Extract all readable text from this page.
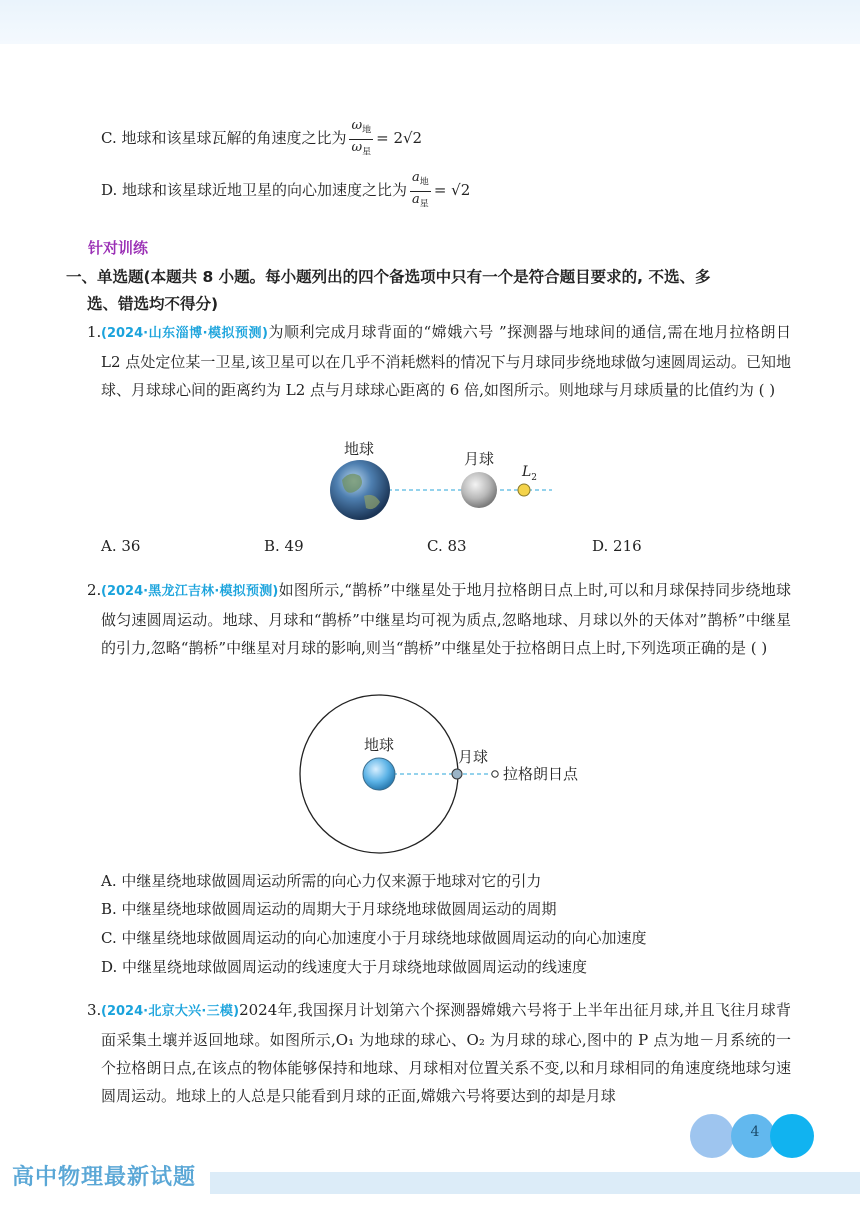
C. 地球和该星球瓦解的角速度之比为 $\frac{\omega_地}{\omega_星} = 2√2$
D. 地球和该星球近地卫星的向心加速度之比为 $\frac{a_地}{a_星} = √2$
针对训练
一、单选题(本题共 8 小题。每小题列出的四个备选项中只有一个是符合题目要求的, 不选、多
选、错选均不得分)
1. (2024·山东淄博·模拟预测)为顺利完成月球背面的“嫦娥六号 ”探测器与地球间的通信,需在地月拉格朗日 L2 点处定位某一卫星,该卫星可以在几乎不消耗燃料的情况下与月球同步绕地球做匀速圆周运动。已知地球、月球球心间的距离约为 L2 点与月球球心距离的 6 倍,如图所示。则地球与月球质量的比值约为 ( )
地球
月球
$L_2$
A. 36	B. 49	C. 83	D. 216
2. (2024·黑龙江吉林·模拟预测)如图所示,“鹊桥”中继星处于地月拉格朗日点上时,可以和月球保持同步绕地球做匀速圆周运动。地球、月球和“鹊桥”中继星均可视为质点,忽略地球、月球以外的天体对”鹊桥”中继星的引力,忽略“鹊桥”中继星对月球的影响,则当“鹊桥”中继星处于拉格朗日点上时,下列选项正确的是 ( )
地球
月球
拉格朗日点
A. 中继星绕地球做圆周运动所需的向心力仅来源于地球对它的引力
B. 中继星绕地球做圆周运动的周期大于月球绕地球做圆周运动的周期
C. 中继星绕地球做圆周运动的向心加速度小于月球绕地球做圆周运动的向心加速度
D. 中继星绕地球做圆周运动的线速度大于月球绕地球做圆周运动的线速度
3. (2024·北京大兴·三模)2024年,我国探月计划第六个探测器嫦娥六号将于上半年出征月球,并且飞往月球背面采集土壤并返回地球。如图所示,O₁ 为地球的球心、O₂ 为月球的球心,图中的 P 点为地－月系统的一个拉格朗日点,在该点的物体能够保持和地球、月球相对位置关系不变,以和月球相同的角速度绕地球匀速圆周运动。地球上的人总是只能看到月球的正面,嫦娥六号将要达到的却是月球
4
高中物理最新试题
